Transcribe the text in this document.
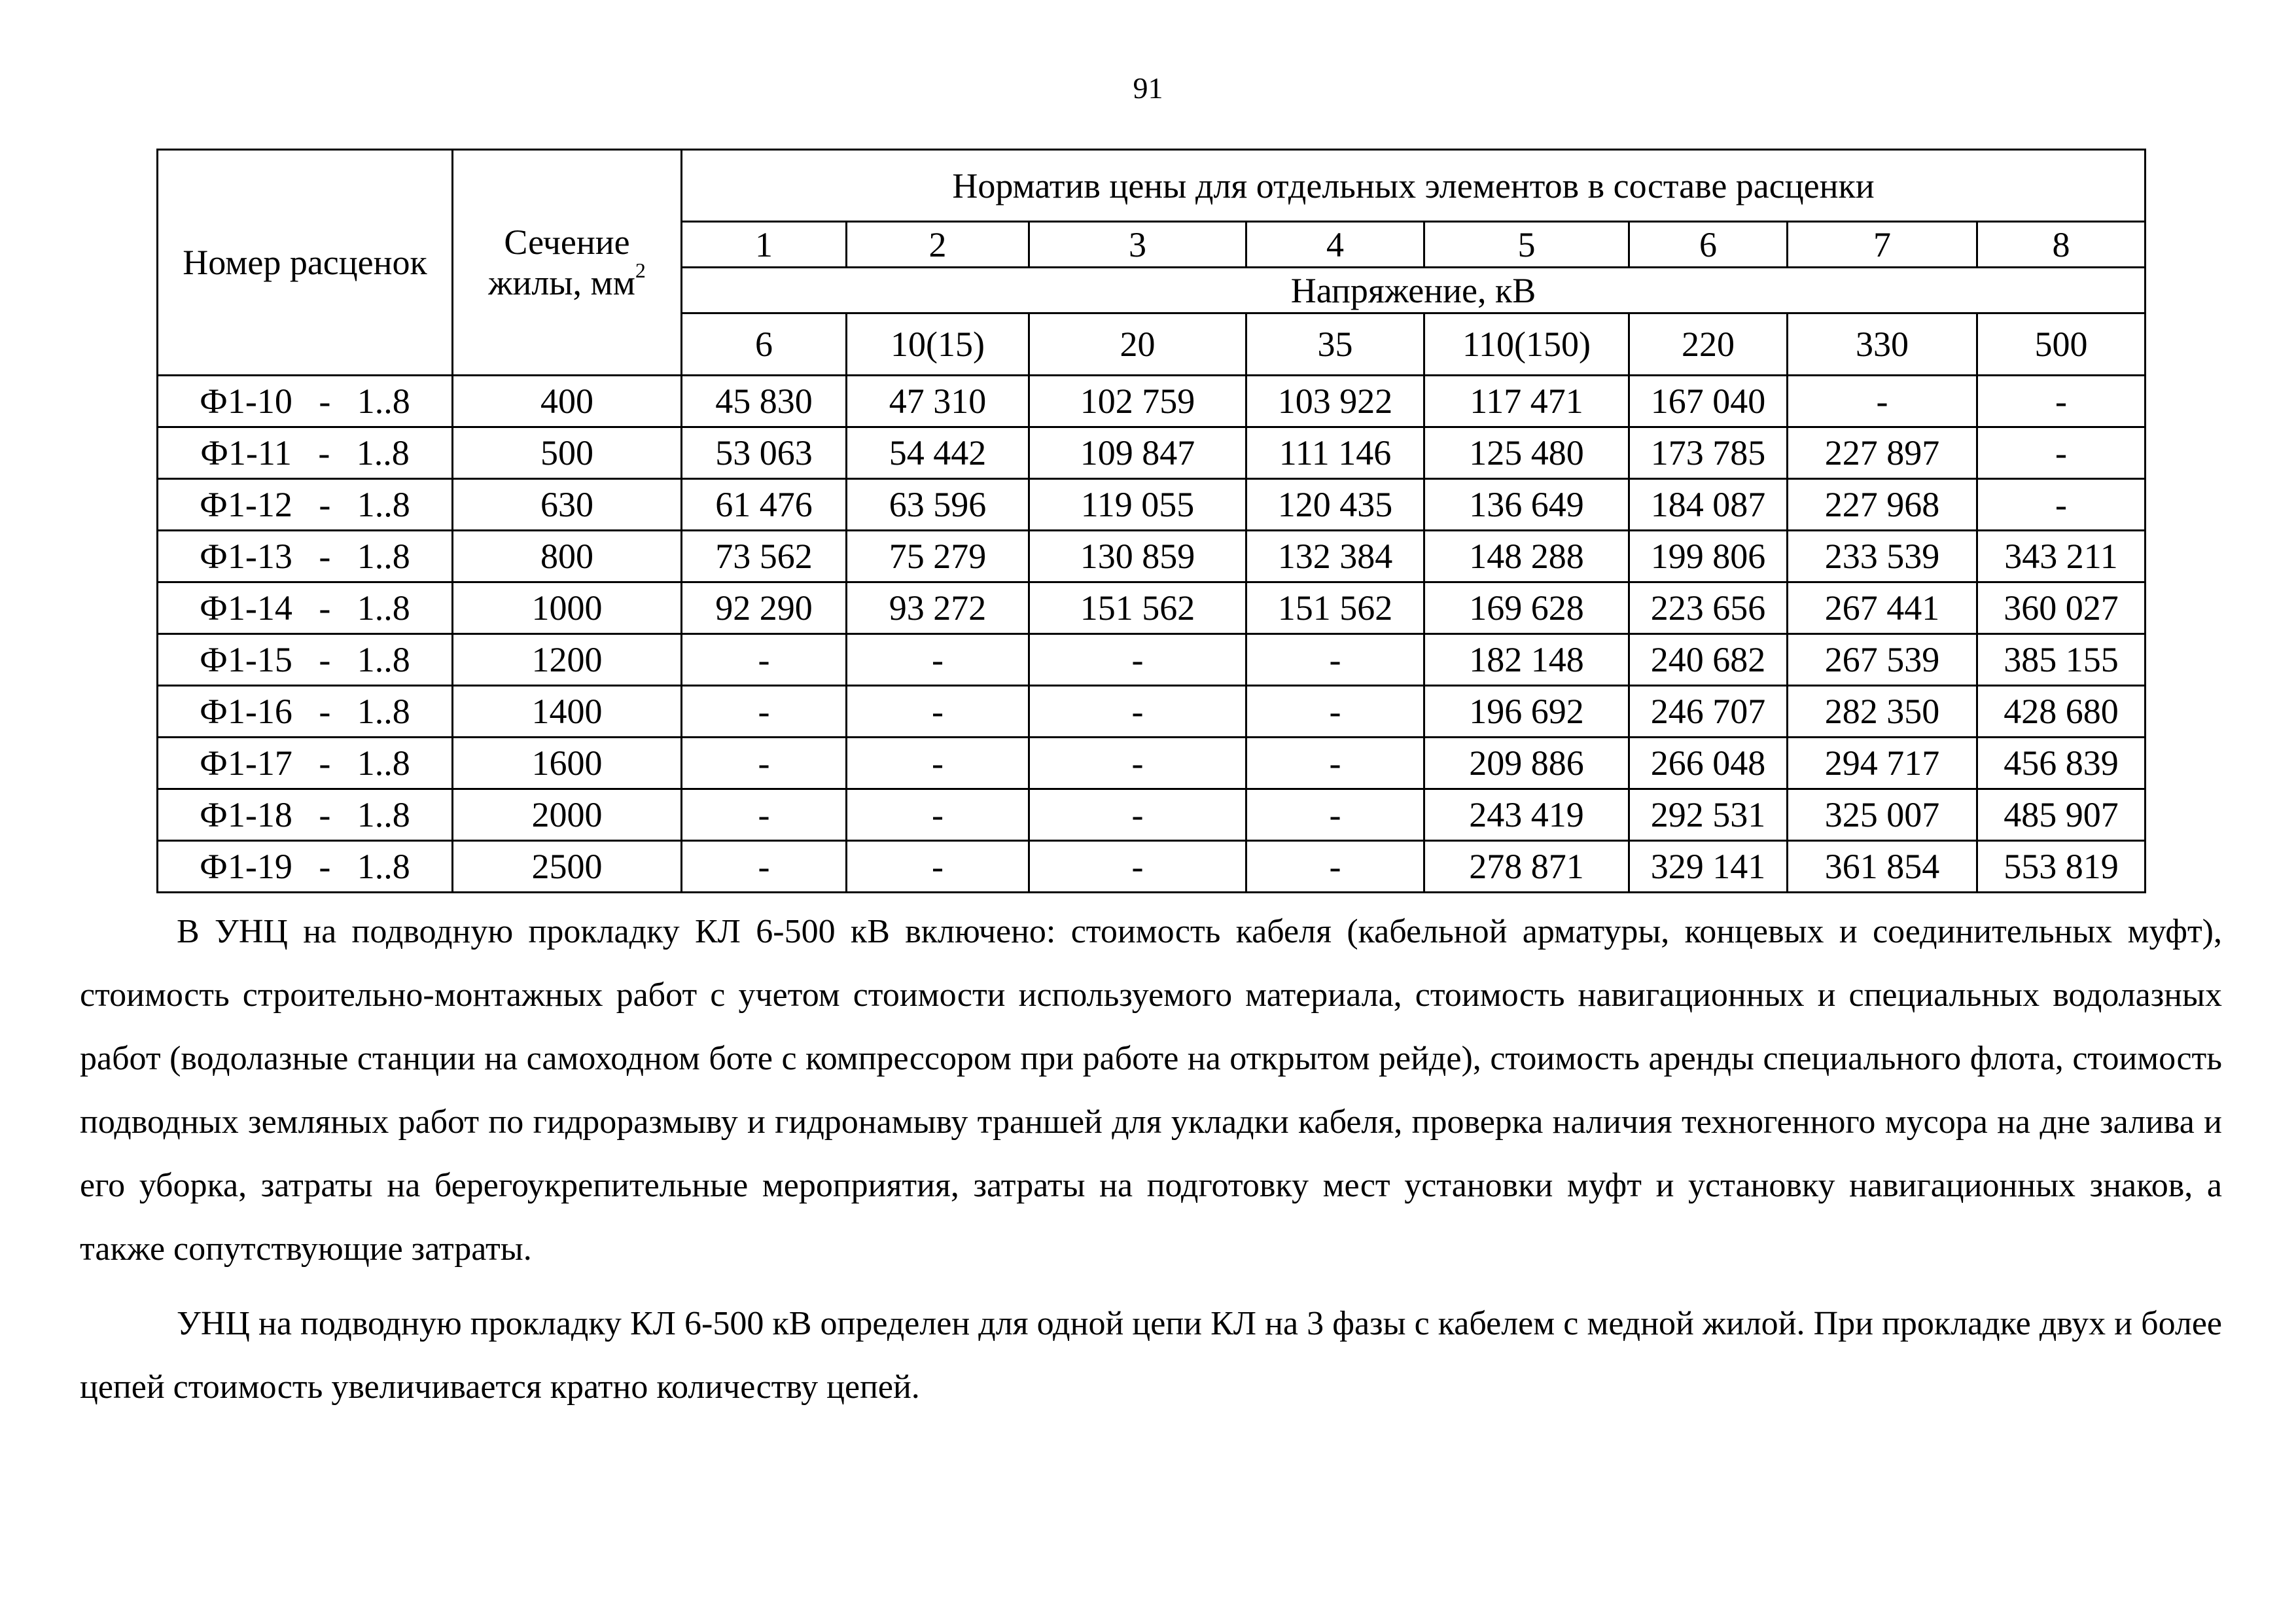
91
Номер расценок	Сечение
жилы, $мм^2$	Норматив цены для отдельных элементов в составе расценки							
		1	2	3	4	5	6	7	8
		Напряжение, кВ							
		6	10(15)	20	35	110(150)	220	330	500
Ф1-10   -   1..8	400	45 830	47 310	102 759	103 922	117 471	167 040	-	-
Ф1-11   -   1..8	500	53 063	54 442	109 847	111 146	125 480	173 785	227 897	-
Ф1-12   -   1..8	630	61 476	63 596	119 055	120 435	136 649	184 087	227 968	-
Ф1-13   -   1..8	800	73 562	75 279	130 859	132 384	148 288	199 806	233 539	343 211
Ф1-14   -   1..8	1000	92 290	93 272	151 562	151 562	169 628	223 656	267 441	360 027
Ф1-15   -   1..8	1200	-	-	-	-	182 148	240 682	267 539	385 155
Ф1-16   -   1..8	1400	-	-	-	-	196 692	246 707	282 350	428 680
Ф1-17   -   1..8	1600	-	-	-	-	209 886	266 048	294 717	456 839
Ф1-18   -   1..8	2000	-	-	-	-	243 419	292 531	325 007	485 907
Ф1-19   -   1..8	2500	-	-	-	-	278 871	329 141	361 854	553 819
В УНЦ на подводную прокладку КЛ 6-500 кВ включено: стоимость кабеля (кабельной арматуры, концевых и соединительных муфт), стоимость строительно-монтажных работ с учетом стоимости используемого материала, стоимость навигационных и специальных водолазных работ (водолазные станции на самоходном боте с компрессором при работе на открытом рейде), стоимость аренды специального флота, стоимость подводных земляных работ по гидроразмыву и гидронамыву траншей для укладки кабеля, проверка наличия техногенного мусора на дне залива и его уборка, затраты на берегоукрепительные мероприятия, затраты на подготовку мест установки муфт и установку навигационных знаков, а также сопутствующие затраты.
УНЦ на подводную прокладку КЛ 6-500 кВ определен для одной цепи КЛ на 3 фазы с кабелем с медной жилой. При прокладке двух и более цепей стоимость увеличивается кратно количеству цепей.
